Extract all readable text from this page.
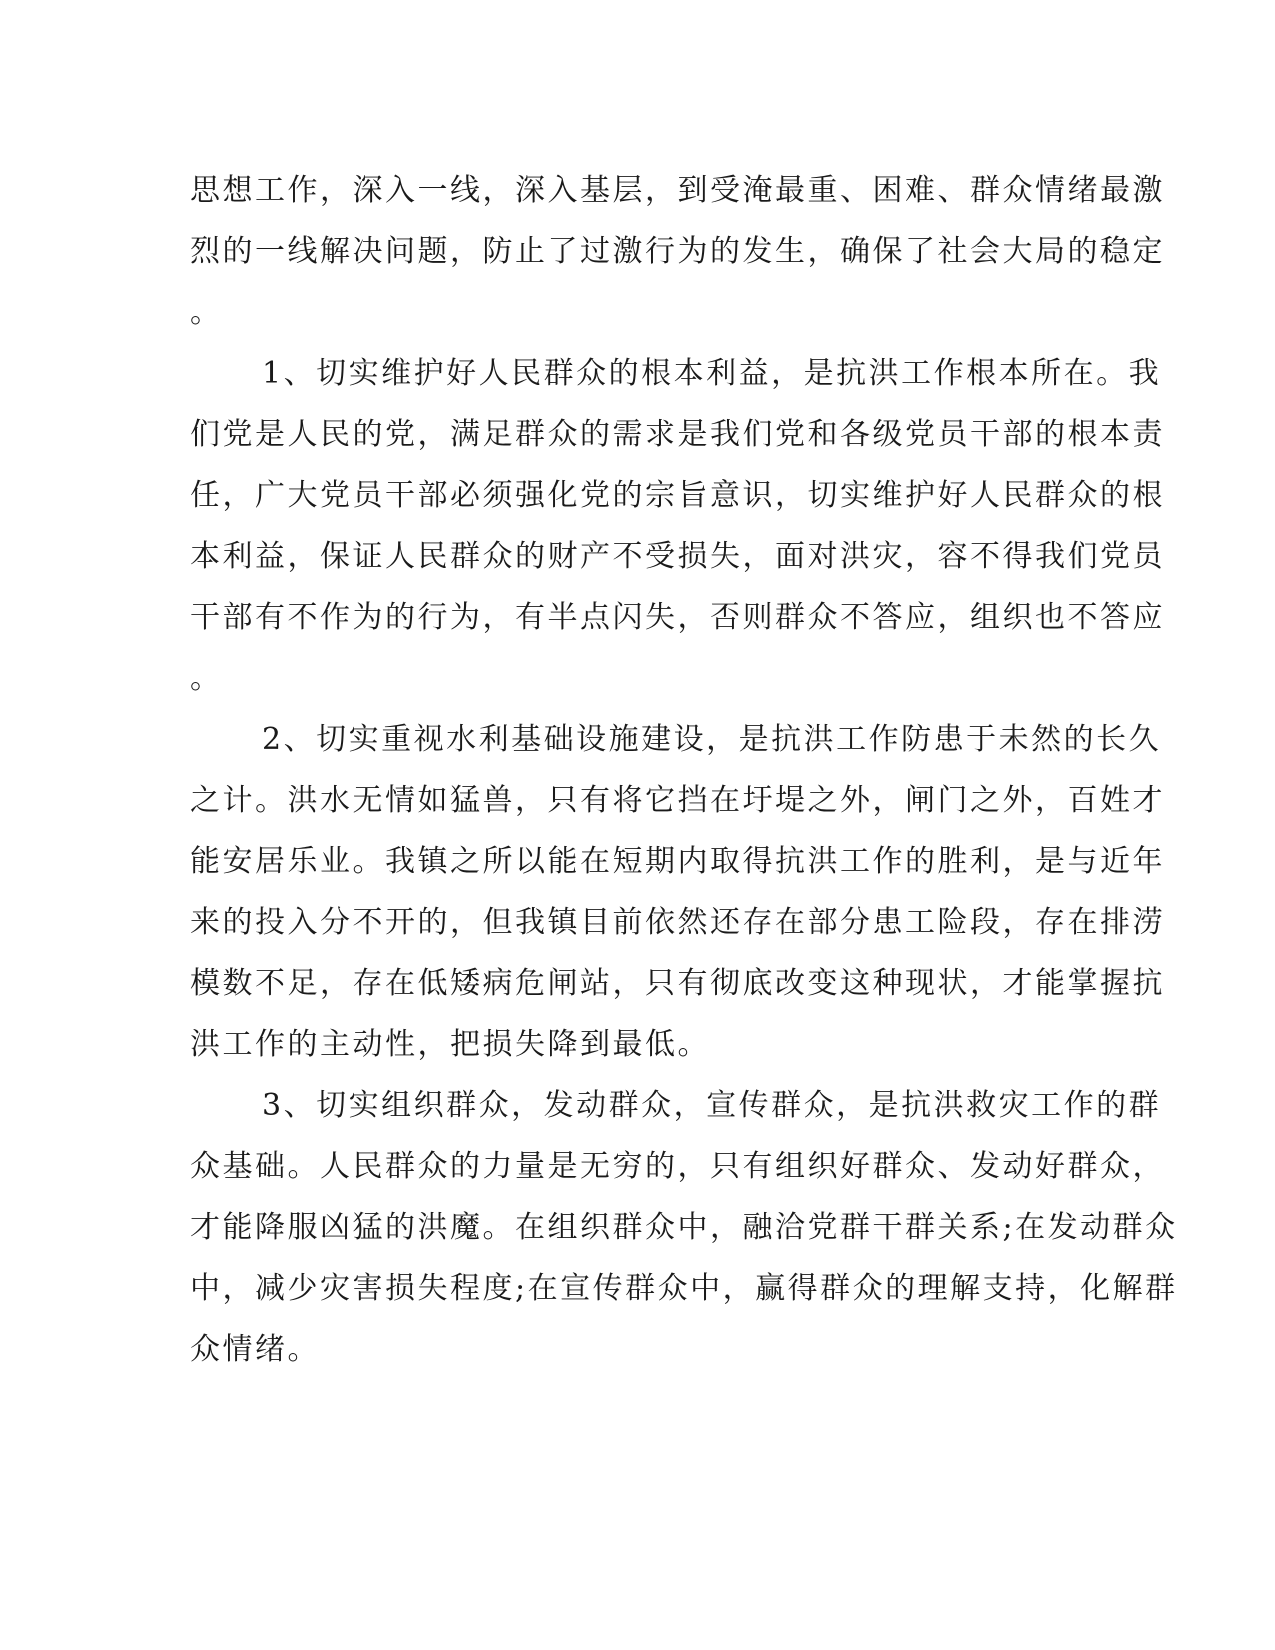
思想工作，深入一线，深入基层，到受淹最重、困难、群众情绪最激
烈的一线解决问题，防止了过激行为的发生，确保了社会大局的稳定
。
1、切实维护好人民群众的根本利益，是抗洪工作根本所在。我
们党是人民的党，满足群众的需求是我们党和各级党员干部的根本责
任，广大党员干部必须强化党的宗旨意识，切实维护好人民群众的根
本利益，保证人民群众的财产不受损失，面对洪灾，容不得我们党员
干部有不作为的行为，有半点闪失，否则群众不答应，组织也不答应
。
2、切实重视水利基础设施建设，是抗洪工作防患于未然的长久
之计。洪水无情如猛兽，只有将它挡在圩堤之外，闸门之外，百姓才
能安居乐业。我镇之所以能在短期内取得抗洪工作的胜利，是与近年
来的投入分不开的，但我镇目前依然还存在部分患工险段，存在排涝
模数不足，存在低矮病危闸站，只有彻底改变这种现状，才能掌握抗
洪工作的主动性，把损失降到最低。
3、切实组织群众，发动群众，宣传群众，是抗洪救灾工作的群
众基础。人民群众的力量是无穷的，只有组织好群众、发动好群众，
才能降服凶猛的洪魔。在组织群众中，融洽党群干群关系;在发动群众
中，减少灾害损失程度;在宣传群众中，赢得群众的理解支持，化解群
众情绪。
